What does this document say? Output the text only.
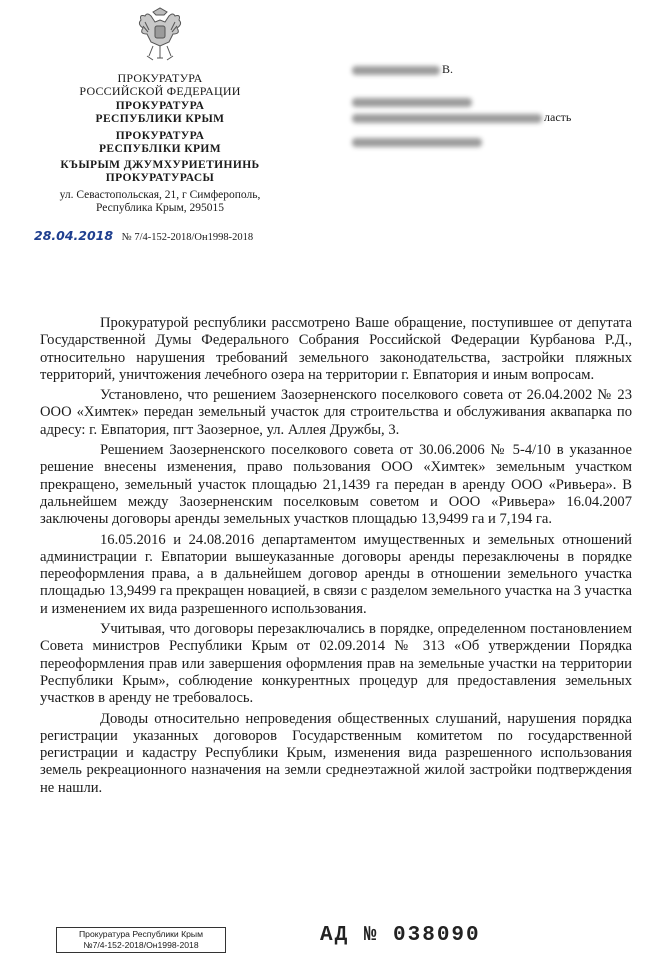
ПРОКУРАТУРА
РОССИЙСКОЙ ФЕДЕРАЦИИ
ПРОКУРАТУРА
РЕСПУБЛИКИ КРЫМ
ПРОКУРАТУРА
РЕСПУБЛIКИ КРИМ
КЪЫРЫМ ДЖУМХУРИЕТИНИНЬ
ПРОКУРАТУРАСЫ
ул. Севастопольская, 21, г Симферополь,
Республика Крым, 295015
28.04.2018 № 7/4-152-2018/Он1998-2018
В.
ласть

Прокуратурой республики рассмотрено Ваше обращение, поступившее от депутата Государственной Думы Федерального Собрания Российской Федерации Курбанова Р.Д., относительно нарушения требований земельного законодательства, застройки пляжных территорий, уничтожения лечебного озера на территории г. Евпатория и иным вопросам.

Установлено, что решением Заозерненского поселкового совета от 26.04.2002 № 23 ООО «Химтек» передан земельный участок для строительства и обслуживания аквапарка по адресу: г. Евпатория, пгт Заозерное, ул. Аллея Дружбы, 3.

Решением Заозерненского поселкового совета от 30.06.2006 № 5-4/10 в указанное решение внесены изменения, право пользования ООО «Химтек» земельным участком прекращено, земельный участок площадью 21,1439 га передан в аренду ООО «Ривьера». В дальнейшем между Заозерненским поселковым советом и ООО «Ривьера» 16.04.2007 заключены договоры аренды земельных участков площадью 13,9499 га и 7,194 га.

16.05.2016 и 24.08.2016 департаментом имущественных и земельных отношений администрации г. Евпатории вышеуказанные договоры аренды перезаключены в порядке переоформления права, а в дальнейшем договор аренды в отношении земельного участка площадью 13,9499 га прекращен новацией, в связи с разделом земельного участка на 3 участка и изменением их вида разрешенного использования.

Учитывая, что договоры перезаключались в порядке, определенном постановлением Совета министров Республики Крым от 02.09.2014 № 313 «Об утверждении Порядка переоформления прав или завершения оформления прав на земельные участки на территории Республики Крым», соблюдение конкурентных процедур для предоставления земельных участков в аренду не требовалось.

Доводы относительно непроведения общественных слушаний, нарушения порядка регистрации указанных договоров Государственным комитетом по государственной регистрации и кадастру Республики Крым, изменения вида разрешенного использования земель рекреационного назначения на земли среднеэтажной жилой застройки подтверждения не нашли.

Прокуратура Республики Крым
№7/4-152-2018/Он1998-2018	АД № 038090
